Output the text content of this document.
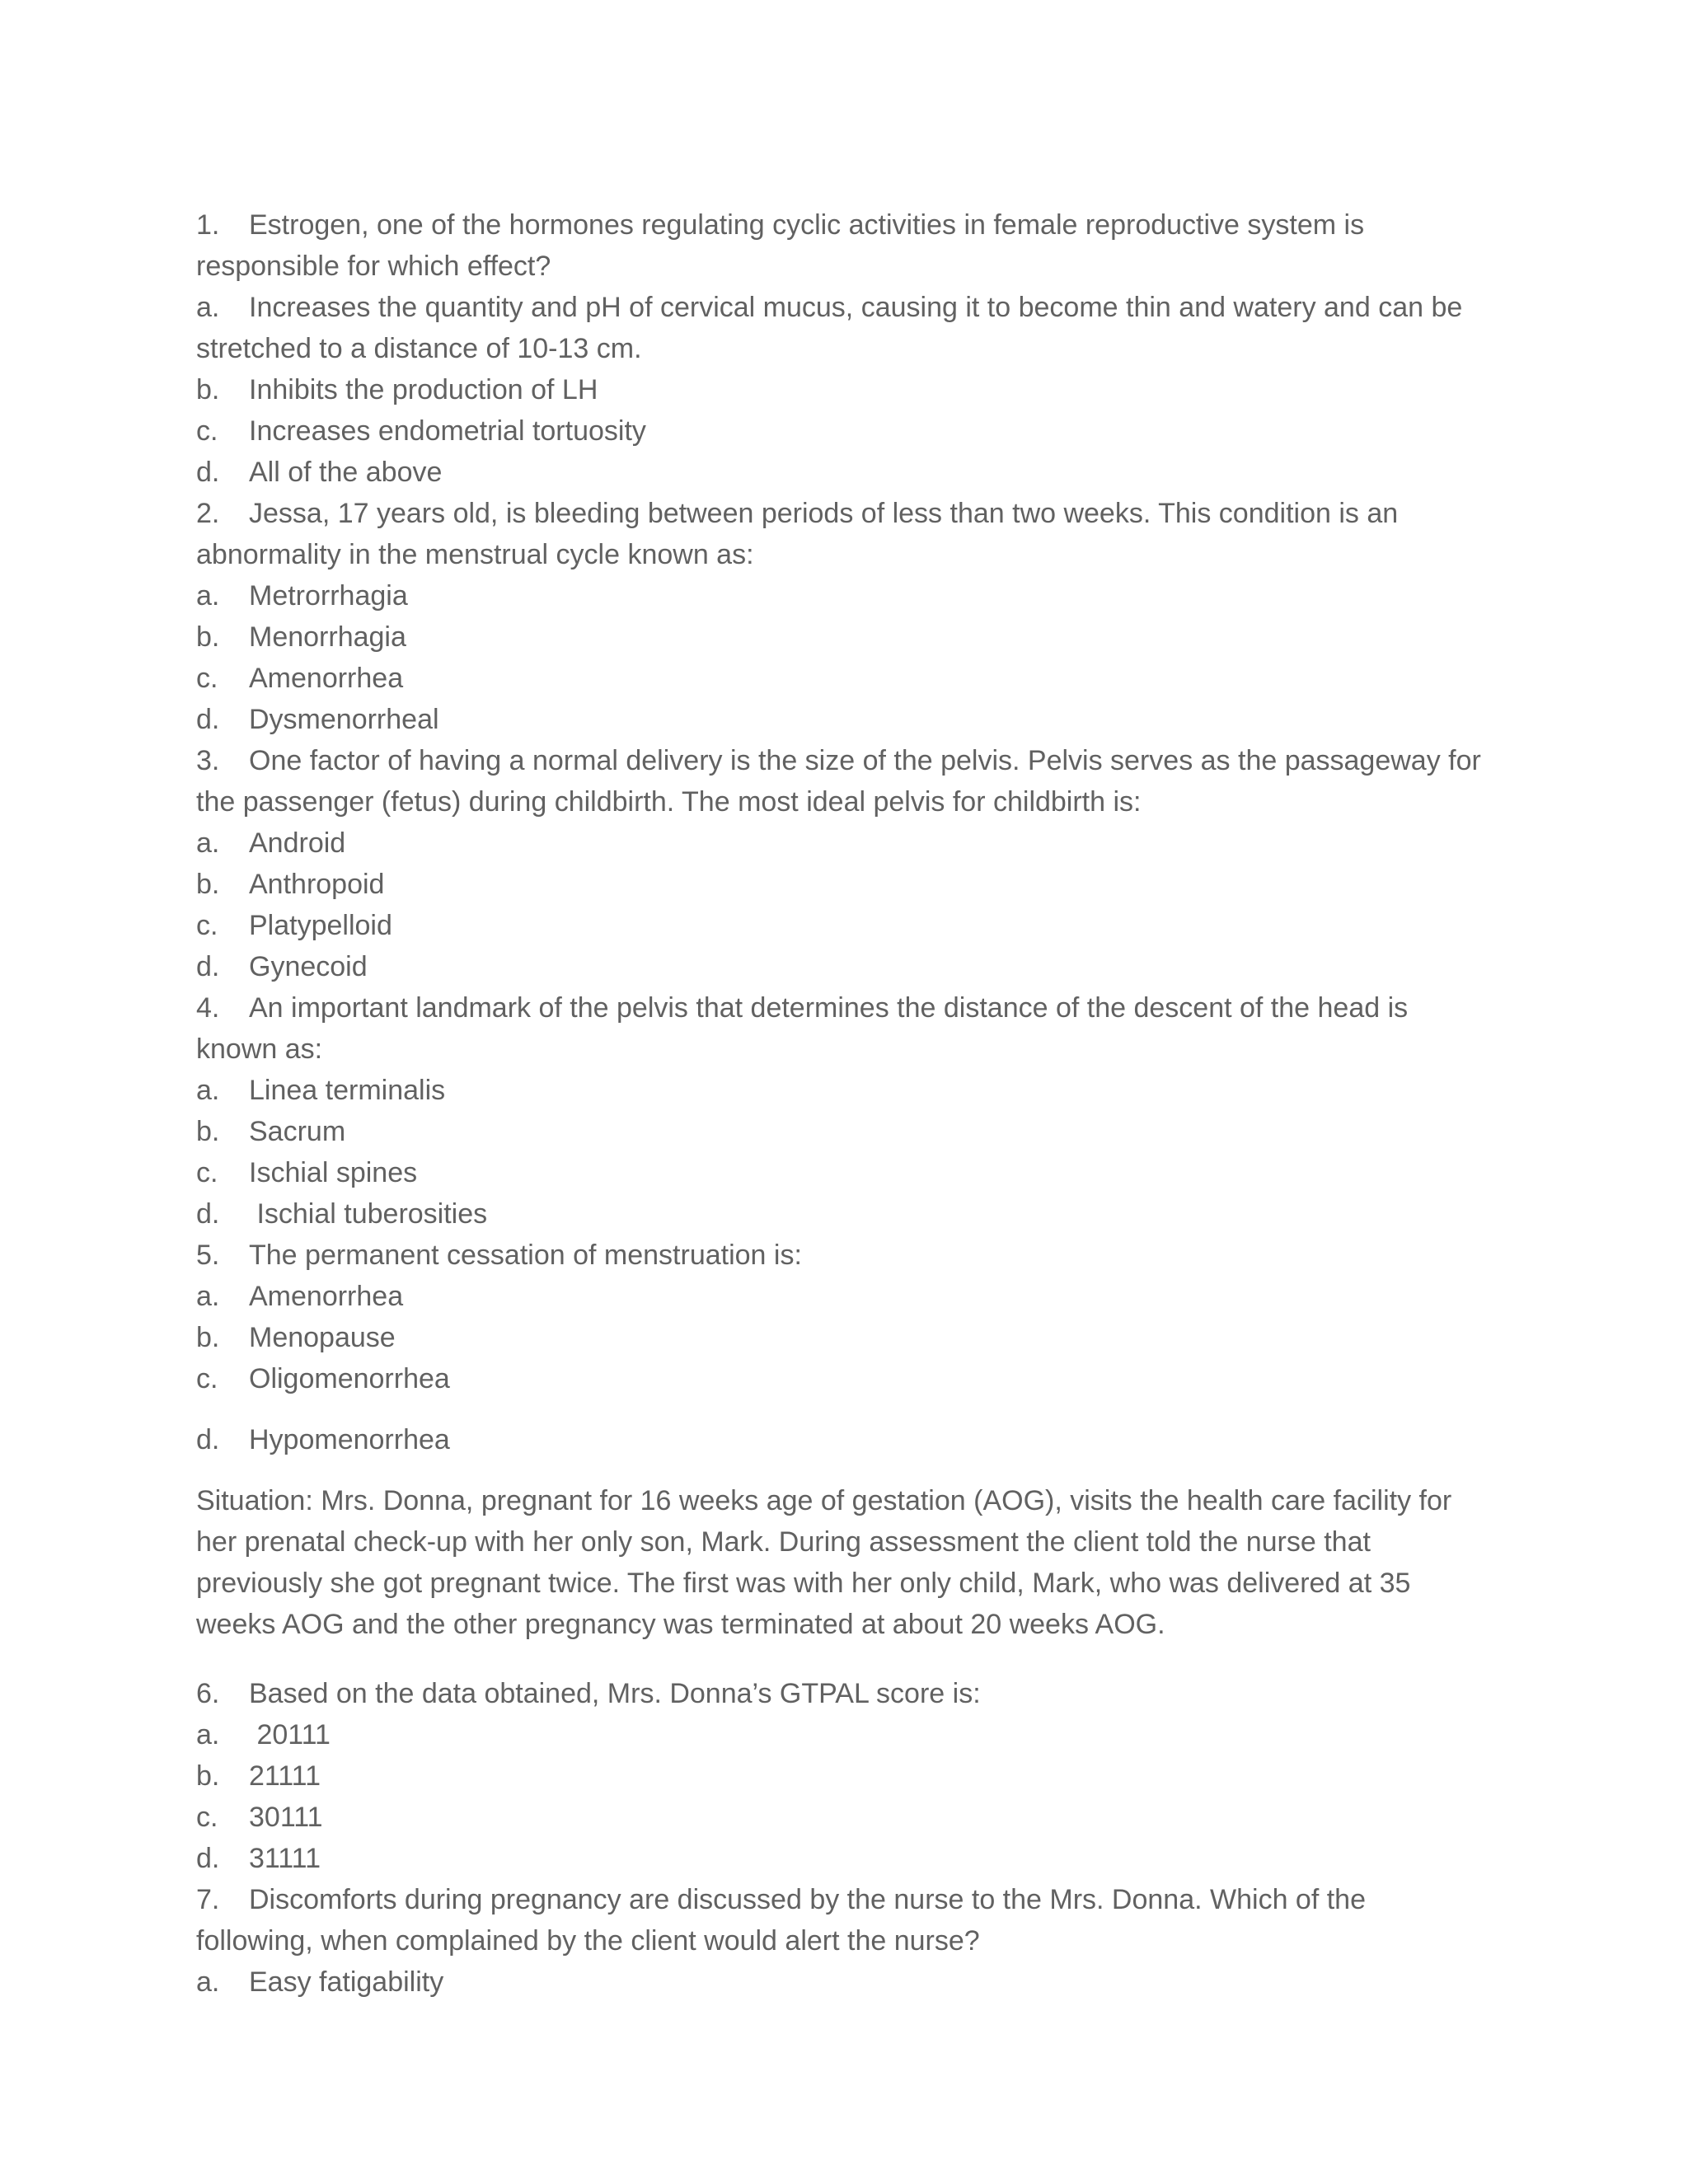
1. Estrogen, one of the hormones regulating cyclic activities in female reproductive system is responsible for which effect?

a. Increases the quantity and pH of cervical mucus, causing it to become thin and watery and can be stretched to a distance of 10-13 cm.

b. Inhibits the production of LH

c. Increases endometrial tortuosity

d. All of the above

2. Jessa, 17 years old, is bleeding between periods of less than two weeks. This condition is an abnormality in the menstrual cycle known as:

a. Metrorrhagia

b. Menorrhagia

c. Amenorrhea

d. Dysmenorrheal

3. One factor of having a normal delivery is the size of the pelvis. Pelvis serves as the passageway for the passenger (fetus) during childbirth. The most ideal pelvis for childbirth is:

a. Android

b. Anthropoid

c. Platypelloid

d. Gynecoid

4. An important landmark of the pelvis that determines the distance of the descent of the head is known as:

a. Linea terminalis

b. Sacrum

c. Ischial spines

d. Ischial tuberosities

5. The permanent cessation of menstruation is:

a. Amenorrhea

b. Menopause

c. Oligomenorrhea

d. Hypomenorrhea

Situation: Mrs. Donna, pregnant for 16 weeks age of gestation (AOG), visits the health care facility for her prenatal check-up with her only son, Mark. During assessment the client told the nurse that previously she got pregnant twice. The first was with her only child, Mark, who was delivered at 35 weeks AOG and the other pregnancy was terminated at about 20 weeks AOG.

6. Based on the data obtained, Mrs. Donna’s GTPAL score is:

a. 20111

b. 21111

c. 30111

d. 31111

7. Discomforts during pregnancy are discussed by the nurse to the Mrs. Donna. Which of the following, when complained by the client would alert the nurse?

a. Easy fatigability
